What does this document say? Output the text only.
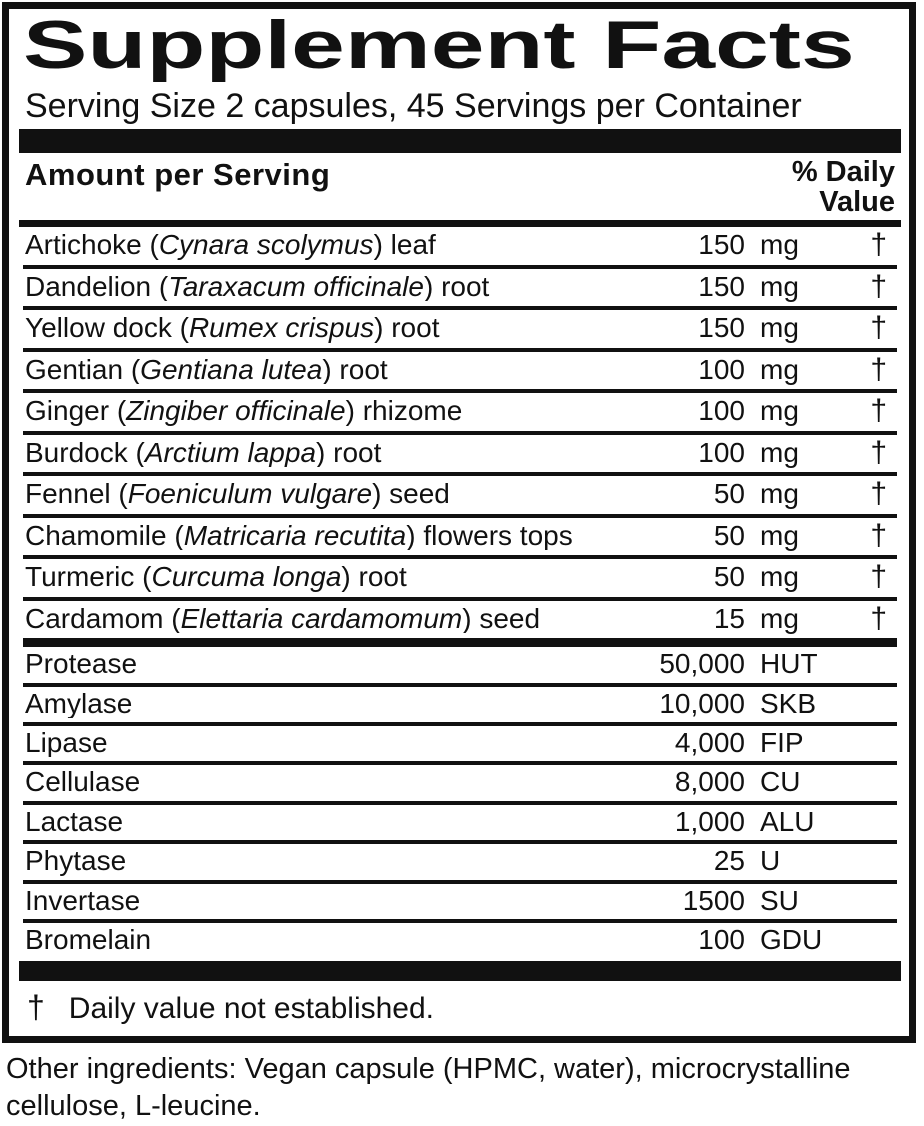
Supplement Facts
Serving Size 2 capsules, 45 Servings per Container
Amount per Serving	% Daily
Value
Artichoke (Cynara scolymus) leaf	150 mg	†
Dandelion (Taraxacum officinale) root	150 mg	†
Yellow dock (Rumex crispus) root	150 mg	†
Gentian (Gentiana lutea) root	100 mg	†
Ginger (Zingiber officinale) rhizome	100 mg	†
Burdock (Arctium lappa) root	100 mg	†
Fennel (Foeniculum vulgare) seed	50 mg	†
Chamomile (Matricaria recutita) flowers tops	50 mg	†
Turmeric (Curcuma longa) root	50 mg	†
Cardamom (Elettaria cardamomum) seed	15 mg	†
Protease	50,000 HUT
Amylase	10,000 SKB
Lipase	4,000 FIP
Cellulase	8,000 CU
Lactase	1,000 ALU
Phytase	25 U
Invertase	1500 SU
Bromelain	100 GDU
† Daily value not established.

Other ingredients: Vegan capsule (HPMC, water), microcrystalline cellulose, L-leucine.
